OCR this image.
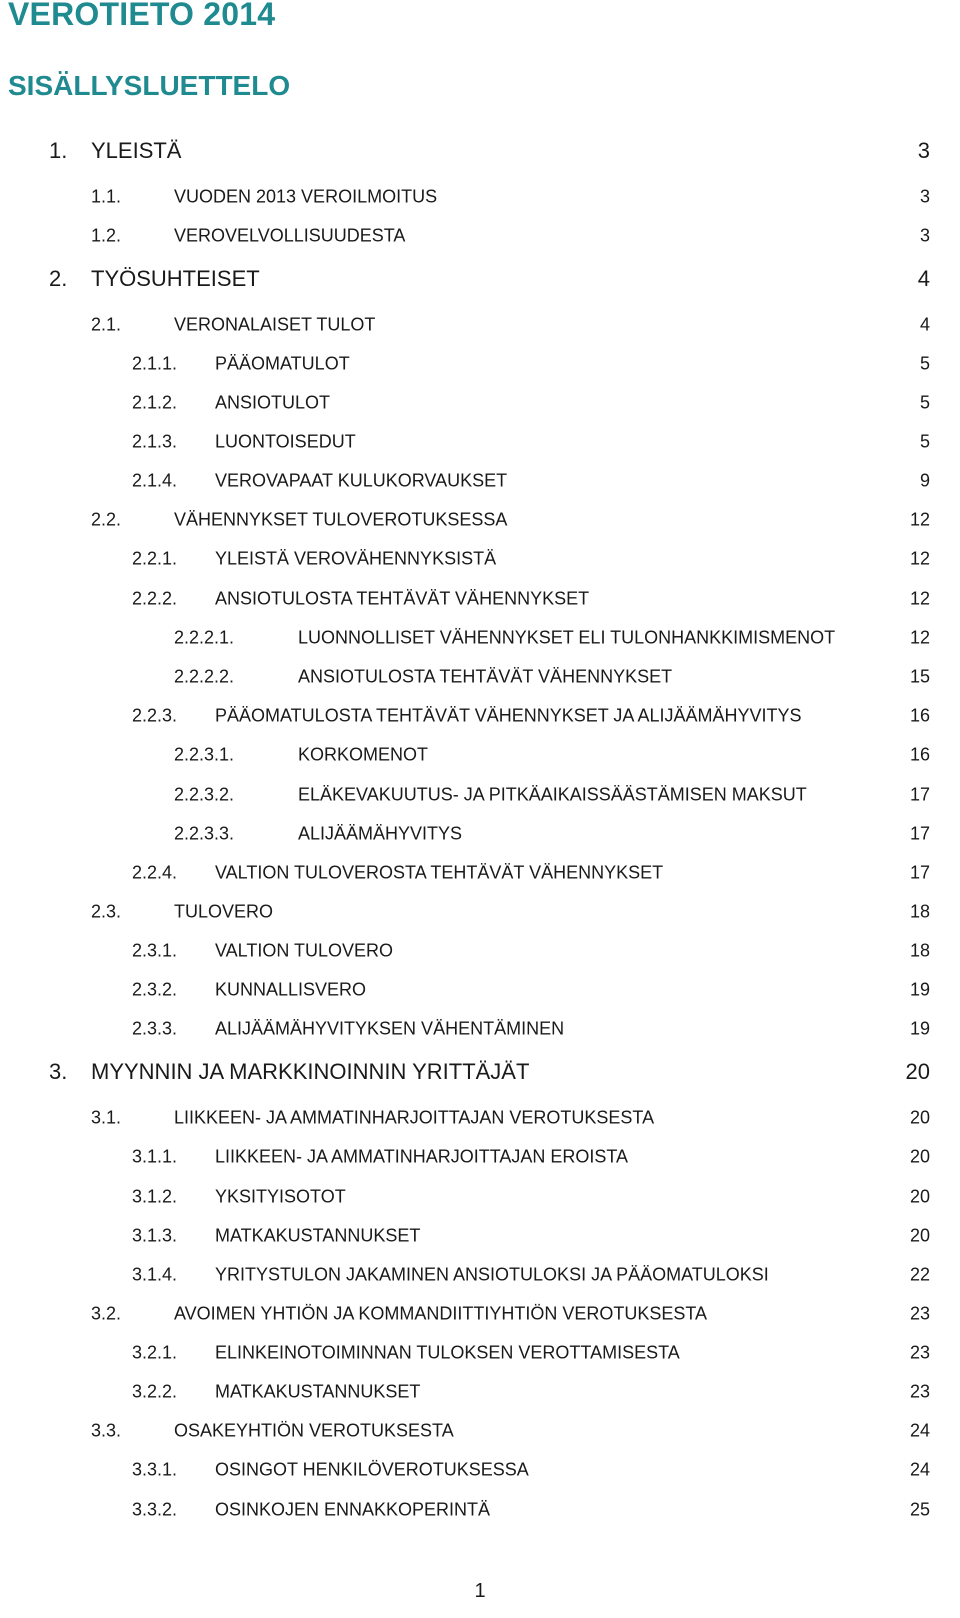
VEROTIETO 2014
SISÄLLYSLUETTELO
1. YLEISTÄ	3
1.1.	VUODEN 2013 VEROILMOITUS	3
1.2.	VEROVELVOLLISUUDESTA	3
2. TYÖSUHTEISET	4
2.1.	VERONALAISET TULOT	4
2.1.1. PÄÄOMATULOT	5
2.1.2. ANSIOTULOT	5
2.1.3. LUONTOISEDUT	5
2.1.4. VEROVAPAAT KULUKORVAUKSET	9
2.2.	VÄHENNYKSET TULOVEROTUKSESSA	12
2.2.1. YLEISTÄ VEROVÄHENNYKSISTÄ	12
2.2.2. ANSIOTULOSTA TEHTÄVÄT VÄHENNYKSET	12
2.2.2.1.	LUONNOLLISET VÄHENNYKSET ELI TULONHANKKIMISMENOT	12
2.2.2.2.	ANSIOTULOSTA TEHTÄVÄT VÄHENNYKSET	15
2.2.3. PÄÄOMATULOSTA TEHTÄVÄT VÄHENNYKSET JA ALIJÄÄMÄHYVITYS	16
2.2.3.1.	KORKOMENOT	16
2.2.3.2.	ELÄKEVAKUUTUS- JA PITKÄAIKAISSÄÄSTÄMISEN MAKSUT	17
2.2.3.3.	ALIJÄÄMÄHYVITYS	17
2.2.4. VALTION TULOVEROSTA TEHTÄVÄT VÄHENNYKSET	17
2.3.	TULOVERO	18
2.3.1. VALTION TULOVERO	18
2.3.2. KUNNALLISVERO	19
2.3.3. ALIJÄÄMÄHYVITYKSEN VÄHENTÄMINEN	19
3. MYYNNIN JA MARKKINOINNIN YRITTÄJÄT	20
3.1.	LIIKKEEN- JA AMMATINHARJOITTAJAN VEROTUKSESTA	20
3.1.1. LIIKKEEN- JA AMMATINHARJOITTAJAN EROISTA	20
3.1.2. YKSITYISOTOT	20
3.1.3. MATKAKUSTANNUKSET	20
3.1.4. YRITYSTULON JAKAMINEN ANSIOTULOKSI JA PÄÄOMATULOKSI	22
3.2.	AVOIMEN YHTIÖN JA KOMMANDIITTIYHTIÖN VEROTUKSESTA	23
3.2.1. ELINKEINOTOIMINNAN TULOKSEN VEROTTAMISESTA	23
3.2.2. MATKAKUSTANNUKSET	23
3.3.	OSAKEYHTIÖN VEROTUKSESTA	24
3.3.1. OSINGOT HENKILÖVEROTUKSESSA	24
3.3.2. OSINKOJEN ENNAKKOPERINTÄ	25
1
